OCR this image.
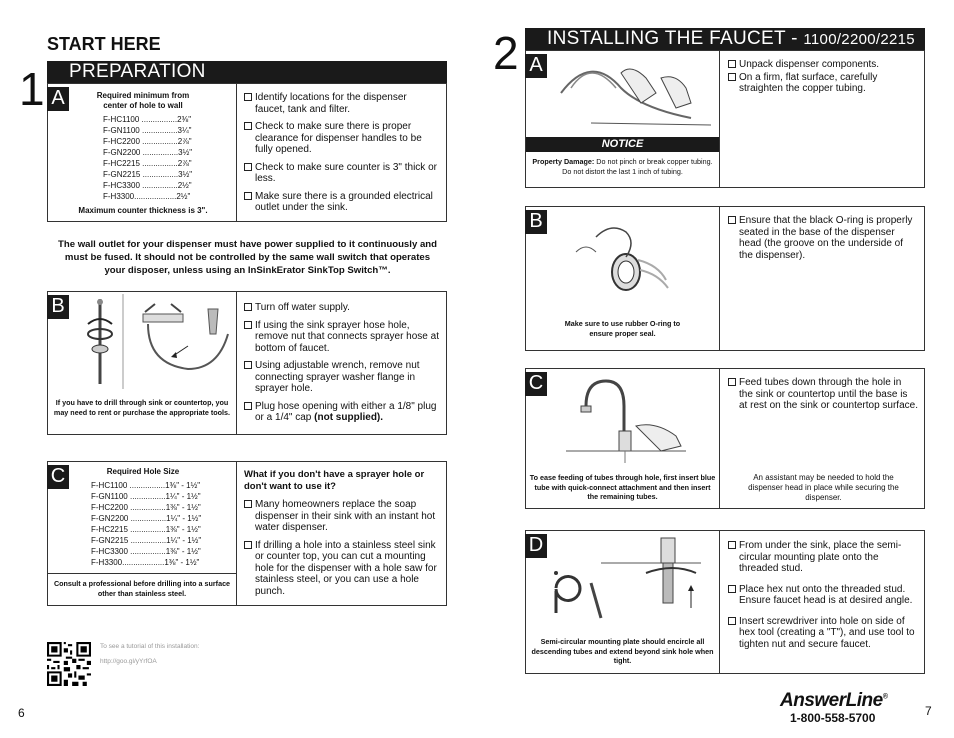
START HERE
1	PREPARATION
A	Required minimum from center of hole to wall
F-HC1100 ................2⅜"
F-GN1100 ................3¼"
F-HC2200 ................2⅞"
F-GN2200 ................3½"
F-HC2215 ................2⅞"
F-GN2215 ................3½"
F-HC3300 ................2½"
F-H3300...................2½"
Maximum counter thickness is 3".
Identify locations for the dispenser faucet, tank and filter.
Check to make sure there is proper clearance for dispenser handles to be fully opened.
Check to make sure counter is 3" thick or less.
Make sure there is a grounded electrical outlet under the sink.
The wall outlet for your dispenser must have power supplied to it continuously and must be fused. It should not be controlled by the same wall switch that operates your disposer, unless using an InSinkErator SinkTop Switch™.
B
If you have to drill through sink or countertop, you may need to rent or purchase the appropriate tools.
Turn off water supply.
If using the sink sprayer hose hole, remove nut that connects sprayer hose at bottom of faucet.
Using adjustable wrench, remove nut connecting sprayer washer flange in sprayer hole.
Plug hose opening with either a 1/8" plug or a 1/4" cap (not supplied).
C	Required Hole Size
F-HC1100 ................1⅜" - 1½"
F-GN1100 ................1¼" - 1½"
F-HC2200 ................1⅜" - 1½"
F-GN2200 ................1¼" - 1½"
F-HC2215 ................1⅜" - 1½"
F-GN2215 ................1¼" - 1½"
F-HC3300 ................1⅜" - 1½"
F-H3300...................1⅜" - 1½"
Consult a professional before drilling into a surface other than stainless steel.
What if you don't have a sprayer hole or don't want to use it?
Many homeowners replace the soap dispenser in their sink with an instant hot water dispenser.
If drilling a hole into a stainless steel sink or counter top, you can cut a mounting hole for the dispenser with a hole saw for stainless steel, or you can use a hole punch.
To see a tutorial of this installation:
http://goo.gl/yYrfOA
6
2	INSTALLING THE FAUCET - 1100/2200/2215
A
NOTICE
Property Damage: Do not pinch or break copper tubing. Do not distort the last 1 inch of tubing.
Unpack dispenser components.
On a firm, flat surface, carefully straighten the copper tubing.
B
Make sure to use rubber O-ring to ensure proper seal.
Ensure that the black O-ring is properly seated in the base of the dispenser head (the groove on the underside of the dispenser).
C
To ease feeding of tubes through hole, first insert blue tube with quick-connect attachment and then insert the remaining tubes.
Feed tubes down through the hole in the sink or countertop until the base is at rest on the sink or countertop surface.
An assistant may be needed to hold the dispenser head in place while securing the dispenser.
D
Semi-circular mounting plate should encircle all descending tubes and extend beyond sink hole when tight.
From under the sink, place the semi-circular mounting plate onto the threaded stud.
Place hex nut onto the threaded stud. Ensure faucet head is at desired angle.
Insert screwdriver into hole on side of hex tool (creating a "T"), and use tool to tighten nut and secure faucet.
AnswerLine®
1-800-558-5700	7
